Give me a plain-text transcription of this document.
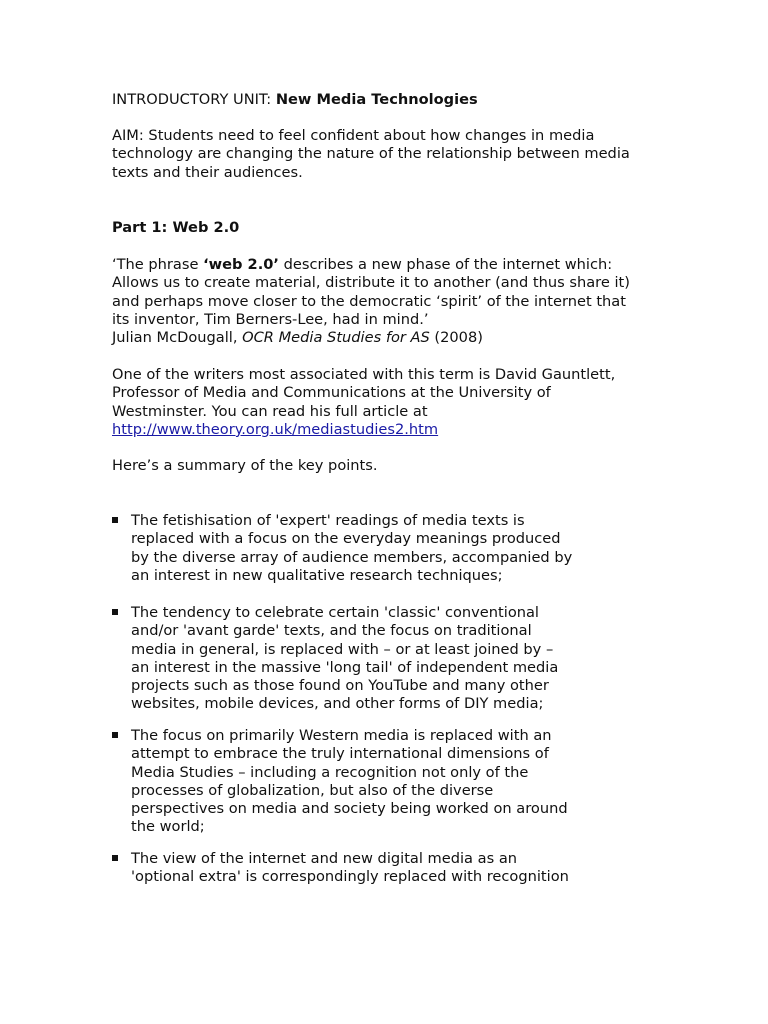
INTRODUCTORY UNIT: New Media Technologies

AIM: Students need to feel confident about how changes in media
technology are changing the nature of the relationship between media
texts and their audiences.

Part 1: Web 2.0

‘The phrase ‘web 2.0’ describes a new phase of the internet which:
Allows us to create material, distribute it to another (and thus share it)
and perhaps move closer to the democratic ‘spirit’ of the internet that
its inventor, Tim Berners-Lee, had in mind.’
Julian McDougall, OCR Media Studies for AS (2008)

One of the writers most associated with this term is David Gauntlett,
Professor of Media and Communications at the University of
Westminster. You can read his full article at
http://www.theory.org.uk/mediastudies2.htm

Here’s a summary of the key points.

The fetishisation of 'expert' readings of media texts is
replaced with a focus on the everyday meanings produced
by the diverse array of audience members, accompanied by
an interest in new qualitative research techniques;
The tendency to celebrate certain 'classic' conventional
and/or 'avant garde' texts, and the focus on traditional
media in general, is replaced with – or at least joined by –
an interest in the massive 'long tail' of independent media
projects such as those found on YouTube and many other
websites, mobile devices, and other forms of DIY media;
The focus on primarily Western media is replaced with an
attempt to embrace the truly international dimensions of
Media Studies – including a recognition not only of the
processes of globalization, but also of the diverse
perspectives on media and society being worked on around
the world;
The view of the internet and new digital media as an
'optional extra' is correspondingly replaced with recognition
